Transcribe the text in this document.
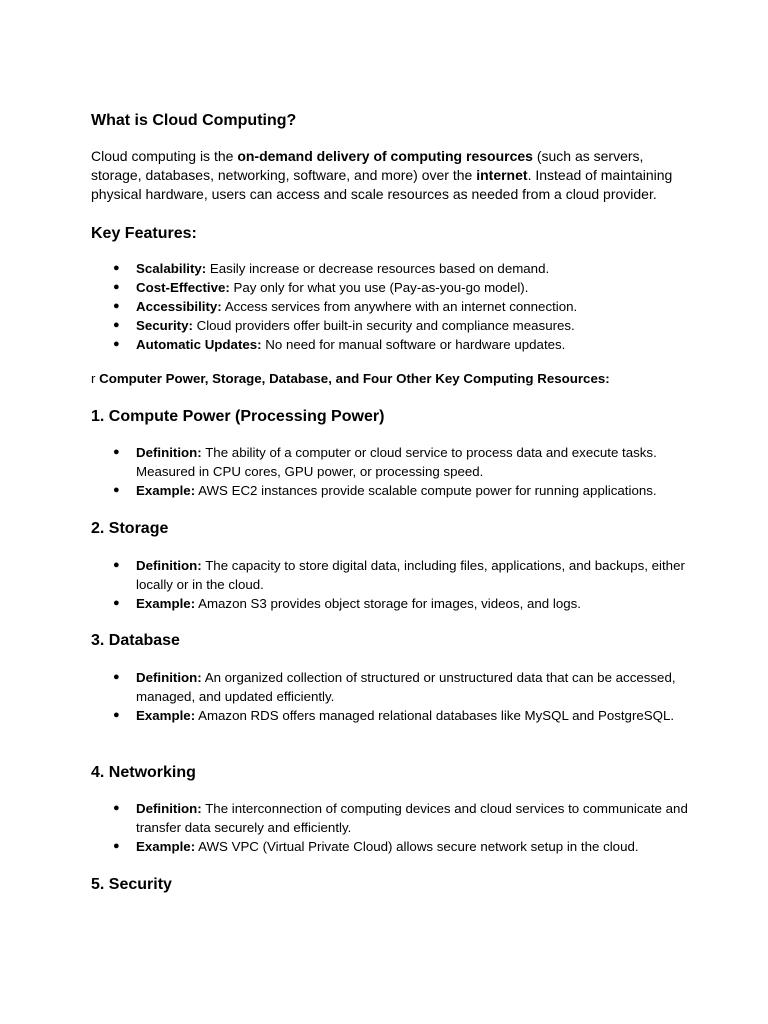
What is Cloud Computing?

Cloud computing is the on-demand delivery of computing resources (such as servers, storage, databases, networking, software, and more) over the internet. Instead of maintaining physical hardware, users can access and scale resources as needed from a cloud provider.

Key Features:
● Scalability: Easily increase or decrease resources based on demand.
● Cost-Effective: Pay only for what you use (Pay-as-you-go model).
● Accessibility: Access services from anywhere with an internet connection.
● Security: Cloud providers offer built-in security and compliance measures.
● Automatic Updates: No need for manual software or hardware updates.

r Computer Power, Storage, Database, and Four Other Key Computing Resources:

1. Compute Power (Processing Power)
● Definition: The ability of a computer or cloud service to process data and execute tasks. Measured in CPU cores, GPU power, or processing speed.
● Example: AWS EC2 instances provide scalable compute power for running applications.
2. Storage
● Definition: The capacity to store digital data, including files, applications, and backups, either locally or in the cloud.
● Example: Amazon S3 provides object storage for images, videos, and logs.
3. Database
● Definition: An organized collection of structured or unstructured data that can be accessed, managed, and updated efficiently.
● Example: Amazon RDS offers managed relational databases like MySQL and PostgreSQL.
4. Networking
● Definition: The interconnection of computing devices and cloud services to communicate and transfer data securely and efficiently.
● Example: AWS VPC (Virtual Private Cloud) allows secure network setup in the cloud.
5. Security
